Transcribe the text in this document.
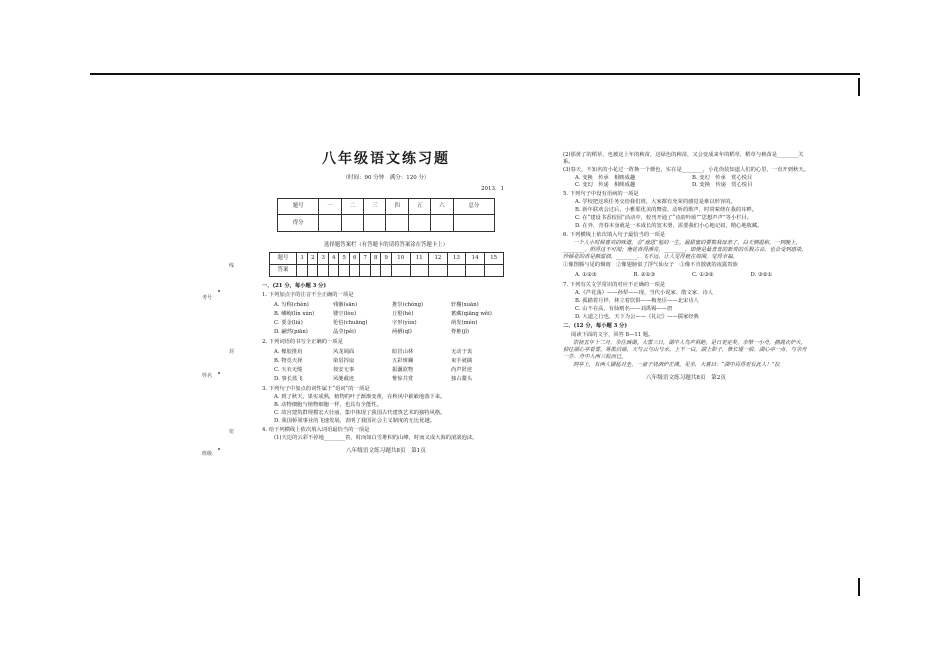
考号
线
姓名
封
班级
密
八年级语文练习题
（时间：90 分钟　满分：120 分）
2013．1
题号	一	二	三	四	五	六	总分
得分							
选择题答案栏（有答题卡的请将答案涂在答题卡上）
题号	1	2	3	4	5	6	7	8	9	10	11	12	13	14	15
答案															
一、(21 分，每小题 3 分)
1. 下列加点字的注音不全正确的一项是
A. 匀称(chèn)	残骸(sān)	推崇(chóng)	轩榭(xuān)
B. 嶙峋(lín xún)	镂空(lòu)	丘壑(hè)	蓄藏(qiāng wěi)
C. 要金(liú)	伦俗(chuāng)	字形(yùn)	萌发(mén)
D. 翩然(piān)	晶莹(pěi)	两栖(qī)	脊椎(jǐ)
2. 下列词语的书写全正确的一项是
A. 橡胶推肩	风龙阔面	暗冒山林	无动于衷
B. 物竞天择	染眉挥扇	五彩斑斓	束手就擒
C. 天衣无缝	按安无事	振囊欲物	尚声匿迹
D. 事长蓝飞	风驰截迹	惟惊共赏	独占鳌头
3. 下列句子中加点的词性属于“语词”的一项是
A. 到了秋天，果实成熟，植物的叶子渐渐变黄，在秋风中簌簌地落下来。
B. 动物细胞与植物细胞一样，也具有全能性。
C. 故宫建筑群规模宏大壮丽，集中体现了我国古代建筑艺术的独特风格。
D. 我国桥梁事业的飞速发展，表明了我国社会主义制度的无比优越。
4. 给下列横线上依次填入词语最恰当的一项是
(1)天边的云彩不停地________着，时而如白雪堆积的山峰，时而又成大海的滚滚泡沫。
八年级语文练习题共8页　第1页
(2)那黄了的稻草，也被这上年的秧苗，这绿色的秧苗，又会变成来年的稻草，稻草与秧苗是________关系。
(3)春天，不知名的小花过一阵换一个颜色，实在是________，小花伪装知道人们的心里，一直开到秋天。
A. 变换　传承　相映成趣	B. 变幻　传承　赏心悦目
C. 变幻　传递　相映成趣	D. 变换　传递　赏心悦目
5. 下列句子中没有语病的一项是
A. 学校把这项任务交给我们班，大家都有充荣的感觉是难以形容的。
B. 新年联欢会过后，小雅那优美的舞姿，动听的歌声，时常萦绕在我的耳畔。
C. 在“建设书香校园”活动中，校刊开通了“诗韵吟颂”“思想声声”等小栏目。
D. 在外，青春本身就是一本成长的宽木册，需要我们小心地记叙，精心地收藏。
6. 下列横线上依次填入句子最恰当的一项是
一个人小时候喜欢的味道，会“盘思”他的一生。最甜蜜的要数我母亲了，白天侧温和，一到晚上，________，照得这不可闻；俺花香得漂亮，________，即使是最普普的新贵的乐极古音，也会受到感染，珍稀花的香是颇温润，________，飞不远，让人觉得就在周围，觉得幸福。
①像图腾与见的烟雨　②像翅膀似了浮气仙女子　③像不肯散就的夜露贵族
A. ①②③	B. ②①③	C. ①③②	D. ③②①
7. 下列有关文学常识的对应不正确的一项是
A.《芦花荡》——孙犁——现，当代小说家、散文家、诗人
B. 孤描着月样，林立着饮俱——梅尧臣——北宋诗人
C. 山不在高，有仙则名——刘禹锡——唐
D. 大道之行也，天下为公——《礼记》——儒家经典
二、(12 分，每小题 3 分)
阅读下面的文字，回答 8—11 题。
崇祯五年十二月，余住西湖。大雪三日，湖中人鸟声俱绝。是日更定矣，余拏一小舟，拥毳衣炉火，独往湖心亭看雪。雾凇沆砀，天与云与山与水，上下一白。湖上影子，惟长堤一痕、湖心亭一点、与余舟一芥、舟中人两三粒而已。
到亭上，有两人铺毡对坐，一童子烧酒炉正沸。见余，大喜曰：“湖中焉得更有此人！”拉
八年级语文练习题共8页　第2页
